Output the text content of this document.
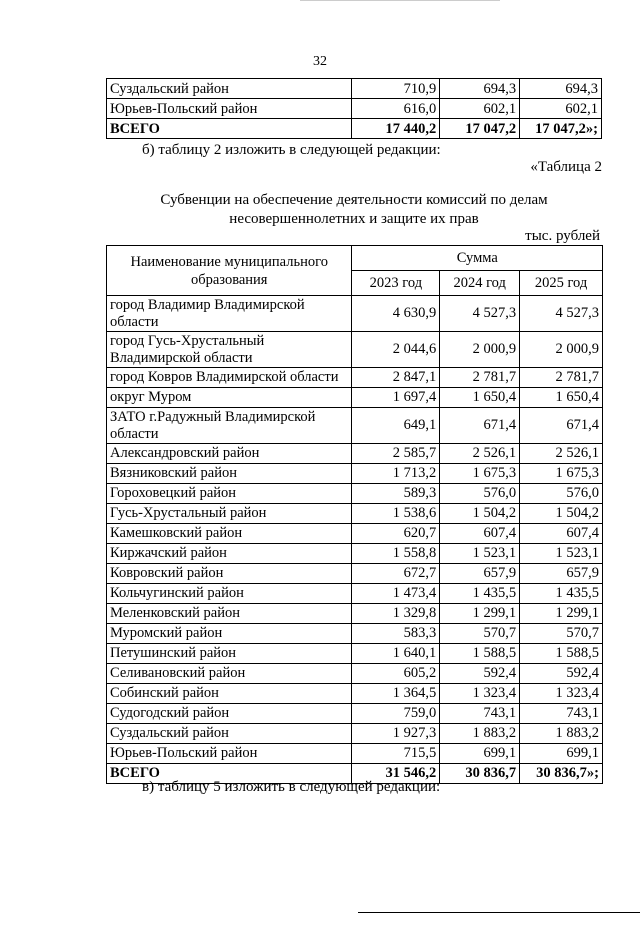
32
Суздальский район	710,9	694,3	694,3
Юрьев-Польский район	616,0	602,1	602,1
ВСЕГО	17 440,2	17 047,2	17 047,2»;
б) таблицу 2 изложить в следующей редакции:
«Таблица 2
Субвенции на обеспечение деятельности комиссий по делам
несовершеннолетних и защите их прав
тыс. рублей
Наименование муниципального образования	Сумма		
	2023 год	2024 год	2025 год
город Владимир Владимирской области	4 630,9	4 527,3	4 527,3
город Гусь-Хрустальный Владимирской области	2 044,6	2 000,9	2 000,9
город Ковров Владимирской области	2 847,1	2 781,7	2 781,7
округ Муром	1 697,4	1 650,4	1 650,4
ЗАТО г.Радужный Владимирской области	649,1	671,4	671,4
Александровский район	2 585,7	2 526,1	2 526,1
Вязниковский район	1 713,2	1 675,3	1 675,3
Гороховецкий район	589,3	576,0	576,0
Гусь-Хрустальный район	1 538,6	1 504,2	1 504,2
Камешковский район	620,7	607,4	607,4
Киржачский район	1 558,8	1 523,1	1 523,1
Ковровский район	672,7	657,9	657,9
Кольчугинский район	1 473,4	1 435,5	1 435,5
Меленковский район	1 329,8	1 299,1	1 299,1
Муромский район	583,3	570,7	570,7
Петушинский район	1 640,1	1 588,5	1 588,5
Селивановский район	605,2	592,4	592,4
Собинский район	1 364,5	1 323,4	1 323,4
Судогодский район	759,0	743,1	743,1
Суздальский район	1 927,3	1 883,2	1 883,2
Юрьев-Польский район	715,5	699,1	699,1
ВСЕГО	31 546,2	30 836,7	30 836,7»;
в) таблицу 5 изложить в следующей редакции:
